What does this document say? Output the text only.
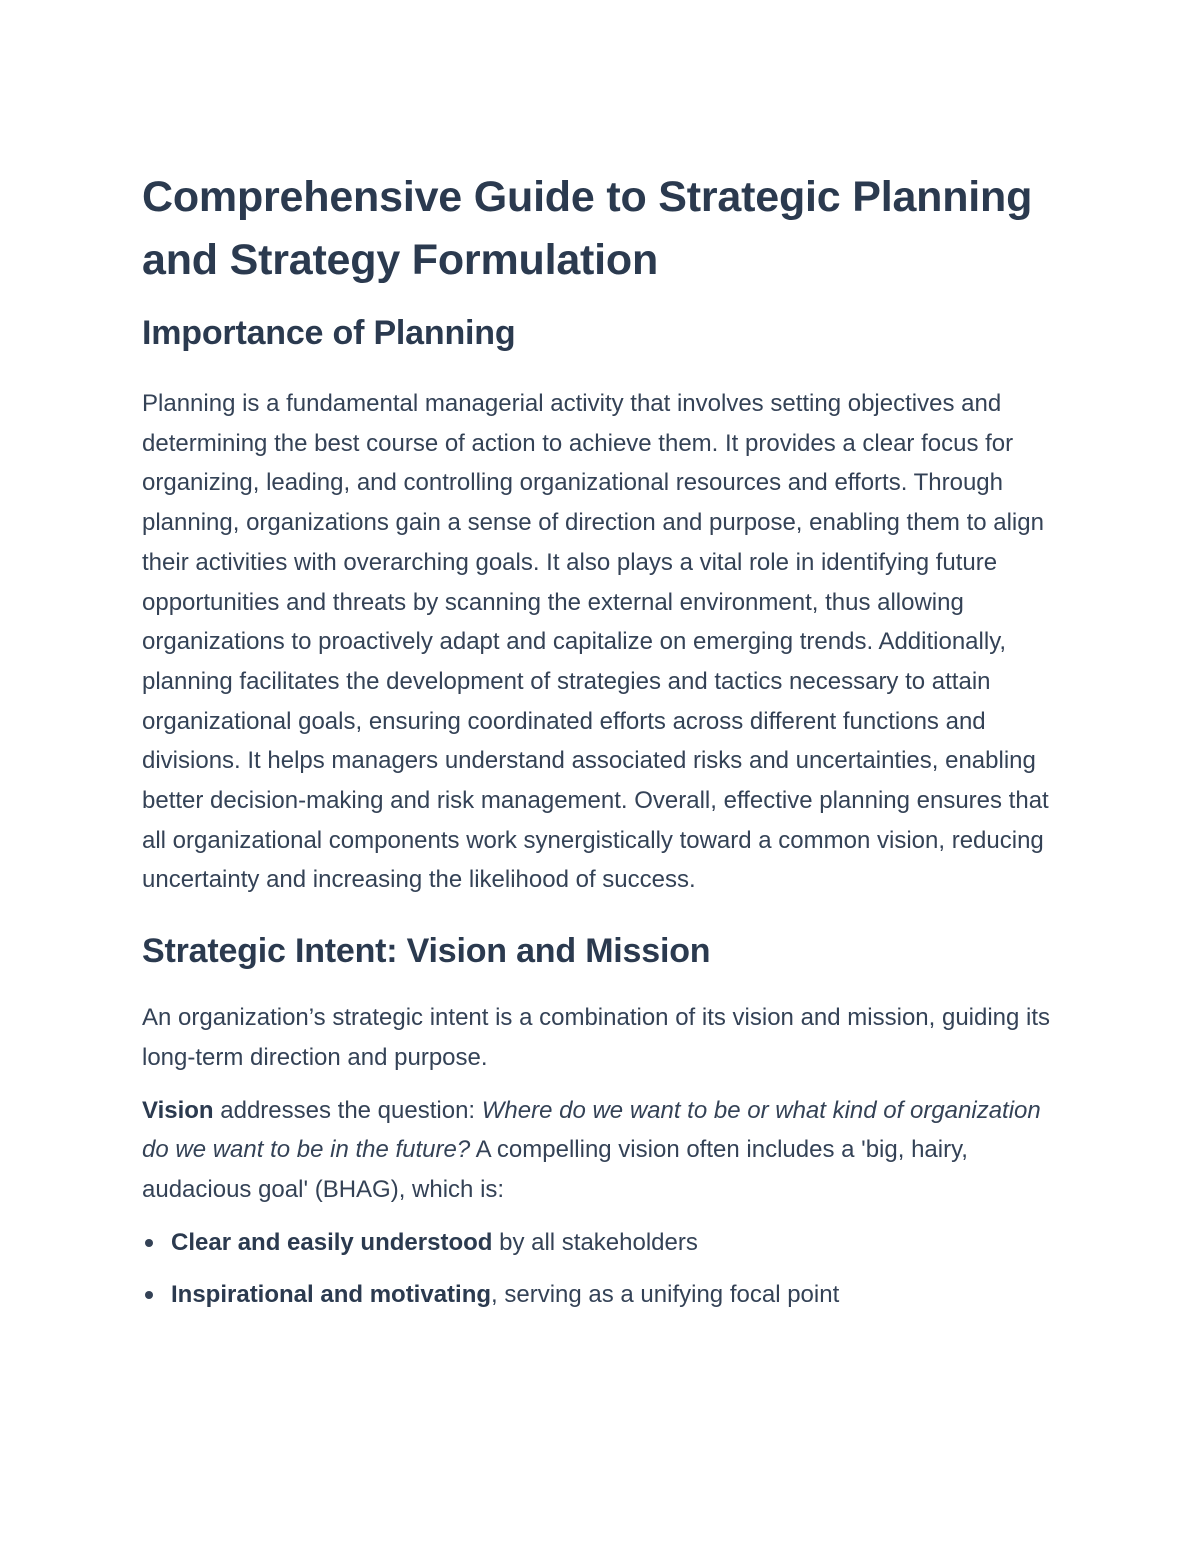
Comprehensive Guide to Strategic Planning and Strategy Formulation
Importance of Planning

Planning is a fundamental managerial activity that involves setting objectives and determining the best course of action to achieve them. It provides a clear focus for organizing, leading, and controlling organizational resources and efforts. Through planning, organizations gain a sense of direction and purpose, enabling them to align their activities with overarching goals. It also plays a vital role in identifying future opportunities and threats by scanning the external environment, thus allowing organizations to proactively adapt and capitalize on emerging trends. Additionally, planning facilitates the development of strategies and tactics necessary to attain organizational goals, ensuring coordinated efforts across different functions and divisions. It helps managers understand associated risks and uncertainties, enabling better decision-making and risk management. Overall, effective planning ensures that all organizational components work synergistically toward a common vision, reducing uncertainty and increasing the likelihood of success.

Strategic Intent: Vision and Mission

An organization’s strategic intent is a combination of its vision and mission, guiding its long-term direction and purpose.

Vision addresses the question: Where do we want to be or what kind of organization do we want to be in the future? A compelling vision often includes a 'big, hairy, audacious goal' (BHAG), which is:

Clear and easily understood by all stakeholders
Inspirational and motivating, serving as a unifying focal point
